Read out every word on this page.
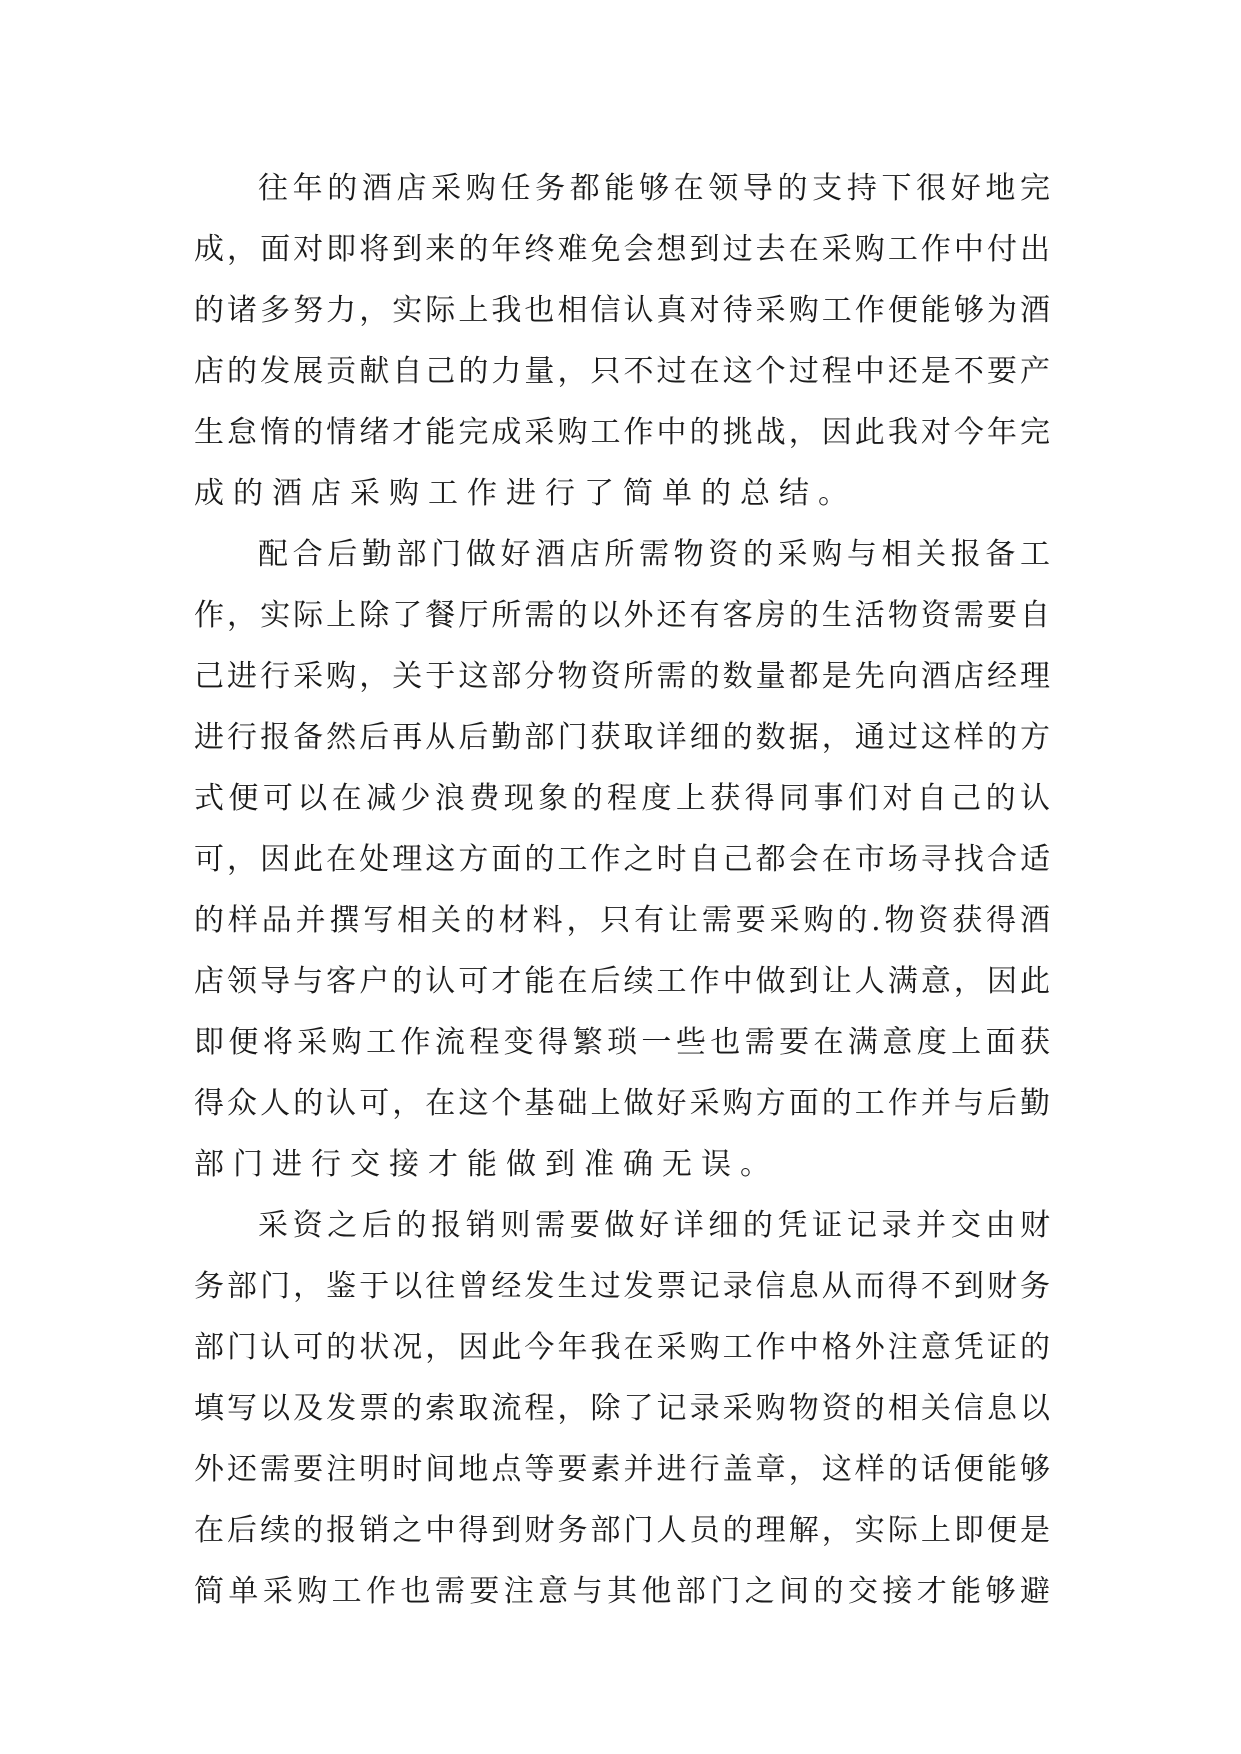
往年的酒店采购任务都能够在领导的支持下很好地完
成，面对即将到来的年终难免会想到过去在采购工作中付出
的诸多努力，实际上我也相信认真对待采购工作便能够为酒
店的发展贡献自己的力量，只不过在这个过程中还是不要产
生怠惰的情绪才能完成采购工作中的挑战，因此我对今年完
成的酒店采购工作进行了简单的总结。
配合后勤部门做好酒店所需物资的采购与相关报备工
作，实际上除了餐厅所需的以外还有客房的生活物资需要自
己进行采购，关于这部分物资所需的数量都是先向酒店经理
进行报备然后再从后勤部门获取详细的数据，通过这样的方
式便可以在减少浪费现象的程度上获得同事们对自己的认
可，因此在处理这方面的工作之时自己都会在市场寻找合适
的样品并撰写相关的材料，只有让需要采购的.物资获得酒
店领导与客户的认可才能在后续工作中做到让人满意，因此
即便将采购工作流程变得繁琐一些也需要在满意度上面获
得众人的认可，在这个基础上做好采购方面的工作并与后勤
部门进行交接才能做到准确无误。
采资之后的报销则需要做好详细的凭证记录并交由财
务部门，鉴于以往曾经发生过发票记录信息从而得不到财务
部门认可的状况，因此今年我在采购工作中格外注意凭证的
填写以及发票的索取流程，除了记录采购物资的相关信息以
外还需要注明时间地点等要素并进行盖章，这样的话便能够
在后续的报销之中得到财务部门人员的理解，实际上即便是
简单采购工作也需要注意与其他部门之间的交接才能够避
